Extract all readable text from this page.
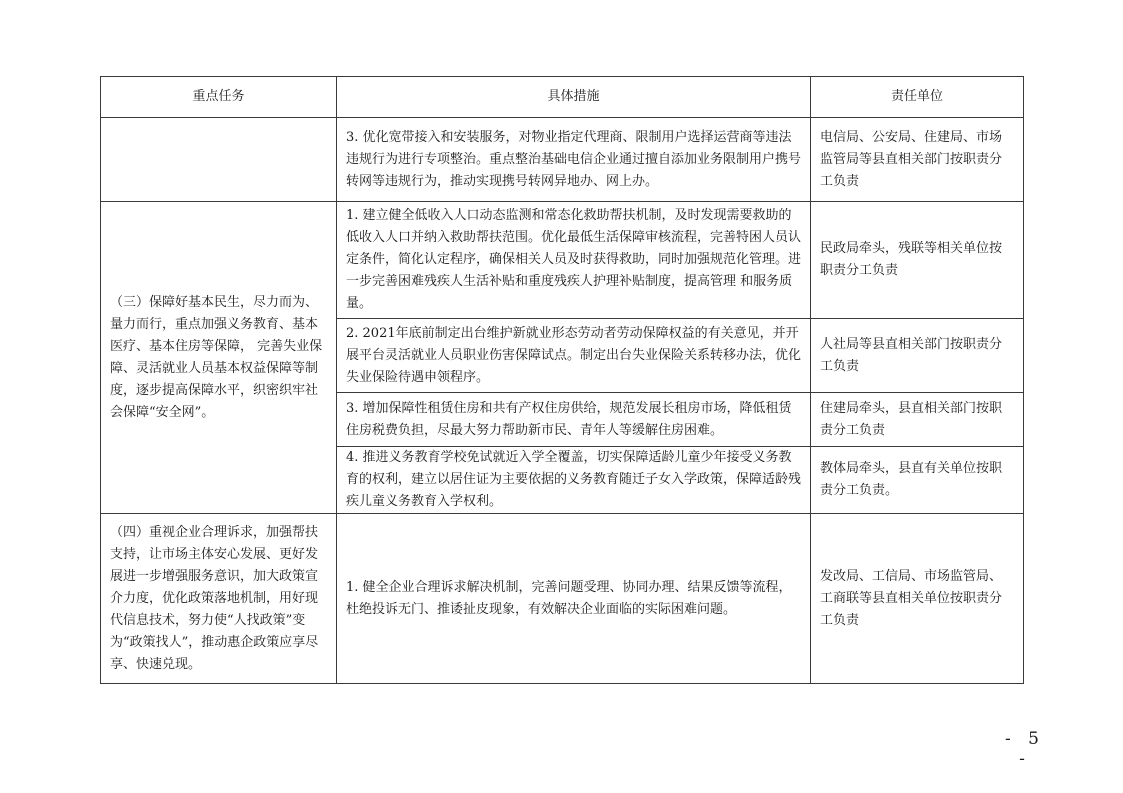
重点任务	具体措施	责任单位
	3. 优化宽带接入和安装服务，对物业指定代理商、限制用户选择运营商等违法违规行为进行专项整治。重点整治基础电信企业通过擅自添加业务限制用户携号转网等违规行为，推动实现携号转网异地办、网上办。	电信局、公安局、住建局、市场监管局等县直相关部门按职责分工负责
（三）保障好基本民生，尽力而为、量力而行，重点加强义务教育、基本医疗、基本住房等保障， 完善失业保障、灵活就业人员基本权益保障等制度，逐步提高保障水平，织密织牢社会保障“安全网”。	1. 建立健全低收入人口动态监测和常态化救助帮扶机制，及时发现需要救助的低收入人口并纳入救助帮扶范围。优化最低生活保障审核流程，完善特困人员认定条件，简化认定程序，确保相关人员及时获得救助，同时加强规范化管理。进一步完善困难残疾人生活补贴和重度残疾人护理补贴制度，提高管理 和服务质量。	民政局牵头，残联等相关单位按职责分工负责
	2. 2021年底前制定出台维护新就业形态劳动者劳动保障权益的有关意见，并开展平台灵活就业人员职业伤害保障试点。制定出台失业保险关系转移办法，优化失业保险待遇申领程序。	人社局等县直相关部门按职责分工负责
	3. 增加保障性租赁住房和共有产权住房供给，规范发展长租房市场，降低租赁住房税费负担，尽最大努力帮助新市民、青年人等缓解住房困难。	住建局牵头，县直相关部门按职责分工负责
	4. 推进义务教育学校免试就近入学全覆盖，切实保障适龄儿童少年接受义务教育的权利，建立以居住证为主要依据的义务教育随迁子女入学政策，保障适龄残疾儿童义务教育入学权利。	教体局牵头，县直有关单位按职责分工负责。
（四）重视企业合理诉求，加强帮扶支持，让市场主体安心发展、更好发展进一步增强服务意识，加大政策宣介力度，优化政策落地机制，用好现代信息技术，努力使“人找政策”变为“政策找人”，推动惠企政策应享尽享、快速兑现。	1. 健全企业合理诉求解决机制，完善问题受理、协同办理、结果反馈等流程，杜绝投诉无门、推诿扯皮现象，有效解决企业面临的实际困难问题。	发改局、工信局、市场监管局、工商联等县直相关单位按职责分工负责
- 5 -
